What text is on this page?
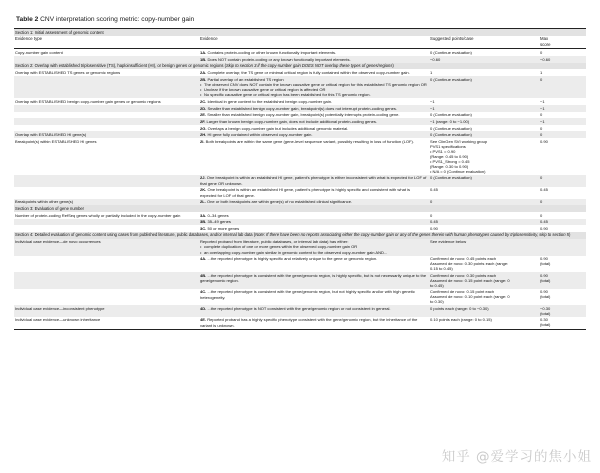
Table 2 CNV interpretation scoring metric: copy-number gain
Section 1: Initial assessment of genomic content			
Evidence type	Evidence	Suggested points/case	Max
score
Copy-number gain content	1A. Contains protein-coding or other known functionally important elements.	0 (Continue evaluation)	0
	1B. Does NOT contain protein-coding or any known functionally important elements.	−0.60	−0.60
Section 2: Overlap with established triplosensitive (TS), haploinsufficient (HI), or benign genes or genomic regions (Skip to section 3 if the copy-number gain DOES NOT overlap these types of genes/regions)			
Overlap with ESTABLISHED TS genes or genomic regions	2A. Complete overlap; the TS gene or minimal critical region is fully contained within the observed copy-number gain.	1	1
	2B. Partial overlap of an established TS region
• The observed CNV does NOT contain the known causative gene or critical region for this established TS genomic region OR
• Unclear if the known causative gene or critical region is affected OR
• No specific causative gene or critical region has been established for this TS genomic region.
	0 (Continue evaluation)	0
Overlap with ESTABLISHED benign copy-number gain genes or genomic regions	2C. Identical in gene content to the established benign copy-number gain.	−1	−1
	2D. Smaller than established benign copy-number gain, breakpoint(s) does not interrupt protein-coding genes.	−1	−1
	2E. Smaller than established benign copy-number gain, breakpoint(s) potentially interrupts protein-coding gene.	0 (Continue evaluation)	0
	2F. Larger than known benign copy-number gain, does not include additional protein-coding genes.	−1 (range: 0 to −1.00)	−1
	2G. Overlaps a benign copy-number gain but includes additional genomic material.	0 (Continue evaluation)	0
Overlap with ESTABLISHED HI gene(s)	2H. HI gene fully contained within observed copy-number gain.	0 (Continue evaluation)	0
Breakpoint(s) within ESTABLISHED HI genes	2I. Both breakpoints are within the same gene (gene-level sequence variant, possibly resulting in loss of function (LOF).	See ClinGen SVI working group
PVS1 specifications
• PVS1 = 0.90
(Range: 0.45 to 0.90)
• PVS1_Strong = 0.45
(Range: 0.30 to 0.90)
• N/A = 0 (Continue evaluation)	0.90
	2J. One breakpoint is within an established HI gene, patient's phenotype is either inconsistent with what is expected for LOF of that gene OR unknown.	0 (Continue evaluation)	0
	2K. One breakpoint is within an established HI gene, patient's phenotype is highly specific and consistent with what is expected for LOF of that gene.	0.45	0.45
Breakpoints within other gene(s)	2L. One or both breakpoints are within gene(s) of no established clinical significance.	0	0
Section 3: Evaluation of gene number			
Number of protein-coding RefSeq genes wholly or partially included in the copy-number gain	3A. 0–34 genes	0	0
	3B. 35–49 genes	0.45	0.45
	3C. 50 or more genes	0.90	0.90
Section 4: Detailed evaluation of genomic content using cases from published literature, public databases, and/or internal lab data (Note: If there have been no reports associating either the copy-number gain or any of the genes therein with human phenotypes caused by triplosensitivity, skip to section 5)			
Individual case evidence—de novo occurrences	Reported proband from literature, public databases, or internal lab data) has either:
• complete duplication of one or more genes within the observed copy-number gain OR
• an overlapping copy-number gain similar in genomic content to the observed copy-number gain AND...
	See evidence below	
	4A. ...the reported phenotype is highly specific and relatively unique to the gene or genomic region.	Confirmed de novo: 0.45 points each
Assumed de novo: 0.30 points each (range:
0.15 to 0.45)	0.90
(total)
	4B. ...the reported phenotype is consistent with the gene/genomic region, is highly specific, but is not necessarily unique to the gene/genomic region.	Confirmed de novo: 0.30 points each
Assumed de novo: 0.15 point each (range: 0
to 0.45)	0.90
(total)
	4C. ...the reported phenotype is consistent with the gene/genomic region, but not highly specific and/or with high genetic heterogeneity.	Confirmed de novo: 0.15 point each
Assumed de novo: 0.10 point each (range: 0
to 0.30)	0.90
(total)
Individual case evidence—inconsistent phenotype	4D. ...the reported phenotype is NOT consistent with the gene/genomic region or not consistent in general.	0 points each (range: 0 to −0.30)	−0.30
(total)
Individual case evidence—unknown inheritance	4E. Reported proband has a highly specific phenotype consistent with the gene/genomic region, but the inheritance of the variant is unknown.	0.10 points each (range: 0 to 0.15)	0.30
(total)
知乎 @爱学习的焦小姐
